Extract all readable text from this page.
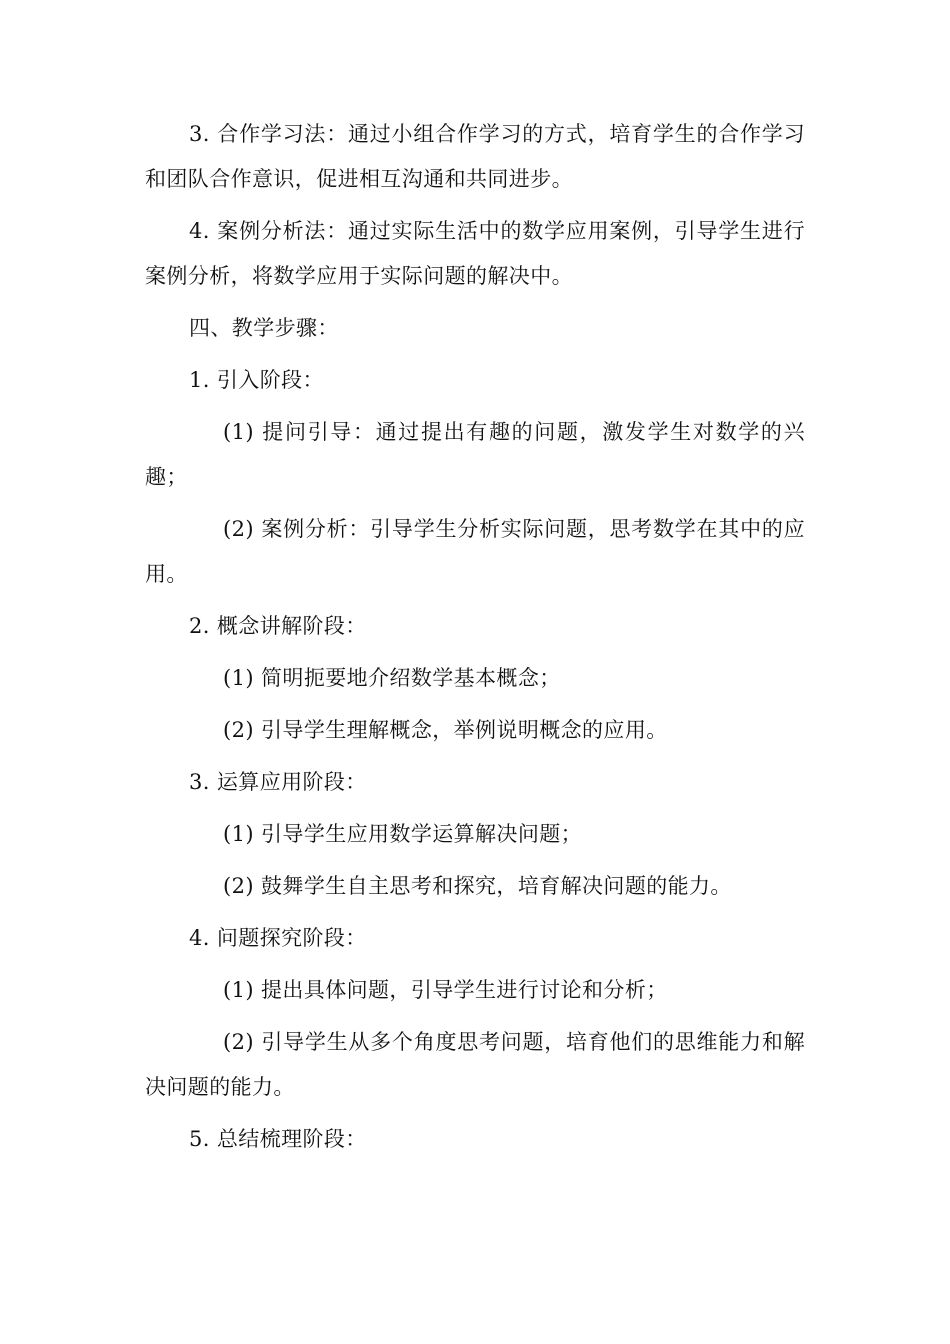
3. 合作学习法：通过小组合作学习的方式，培育学生的合作学习和团队合作意识，促进相互沟通和共同进步。

4. 案例分析法：通过实际生活中的数学应用案例，引导学生进行案例分析，将数学应用于实际问题的解决中。

四、教学步骤：

1. 引入阶段：

(1) 提问引导：通过提出有趣的问题，激发学生对数学的兴趣；

(2) 案例分析：引导学生分析实际问题，思考数学在其中的应用。

2. 概念讲解阶段：

(1) 简明扼要地介绍数学基本概念；

(2) 引导学生理解概念，举例说明概念的应用。

3. 运算应用阶段：

(1) 引导学生应用数学运算解决问题；

(2) 鼓舞学生自主思考和探究，培育解决问题的能力。

4. 问题探究阶段：

(1) 提出具体问题，引导学生进行讨论和分析；

(2) 引导学生从多个角度思考问题，培育他们的思维能力和解决问题的能力。

5. 总结梳理阶段：
